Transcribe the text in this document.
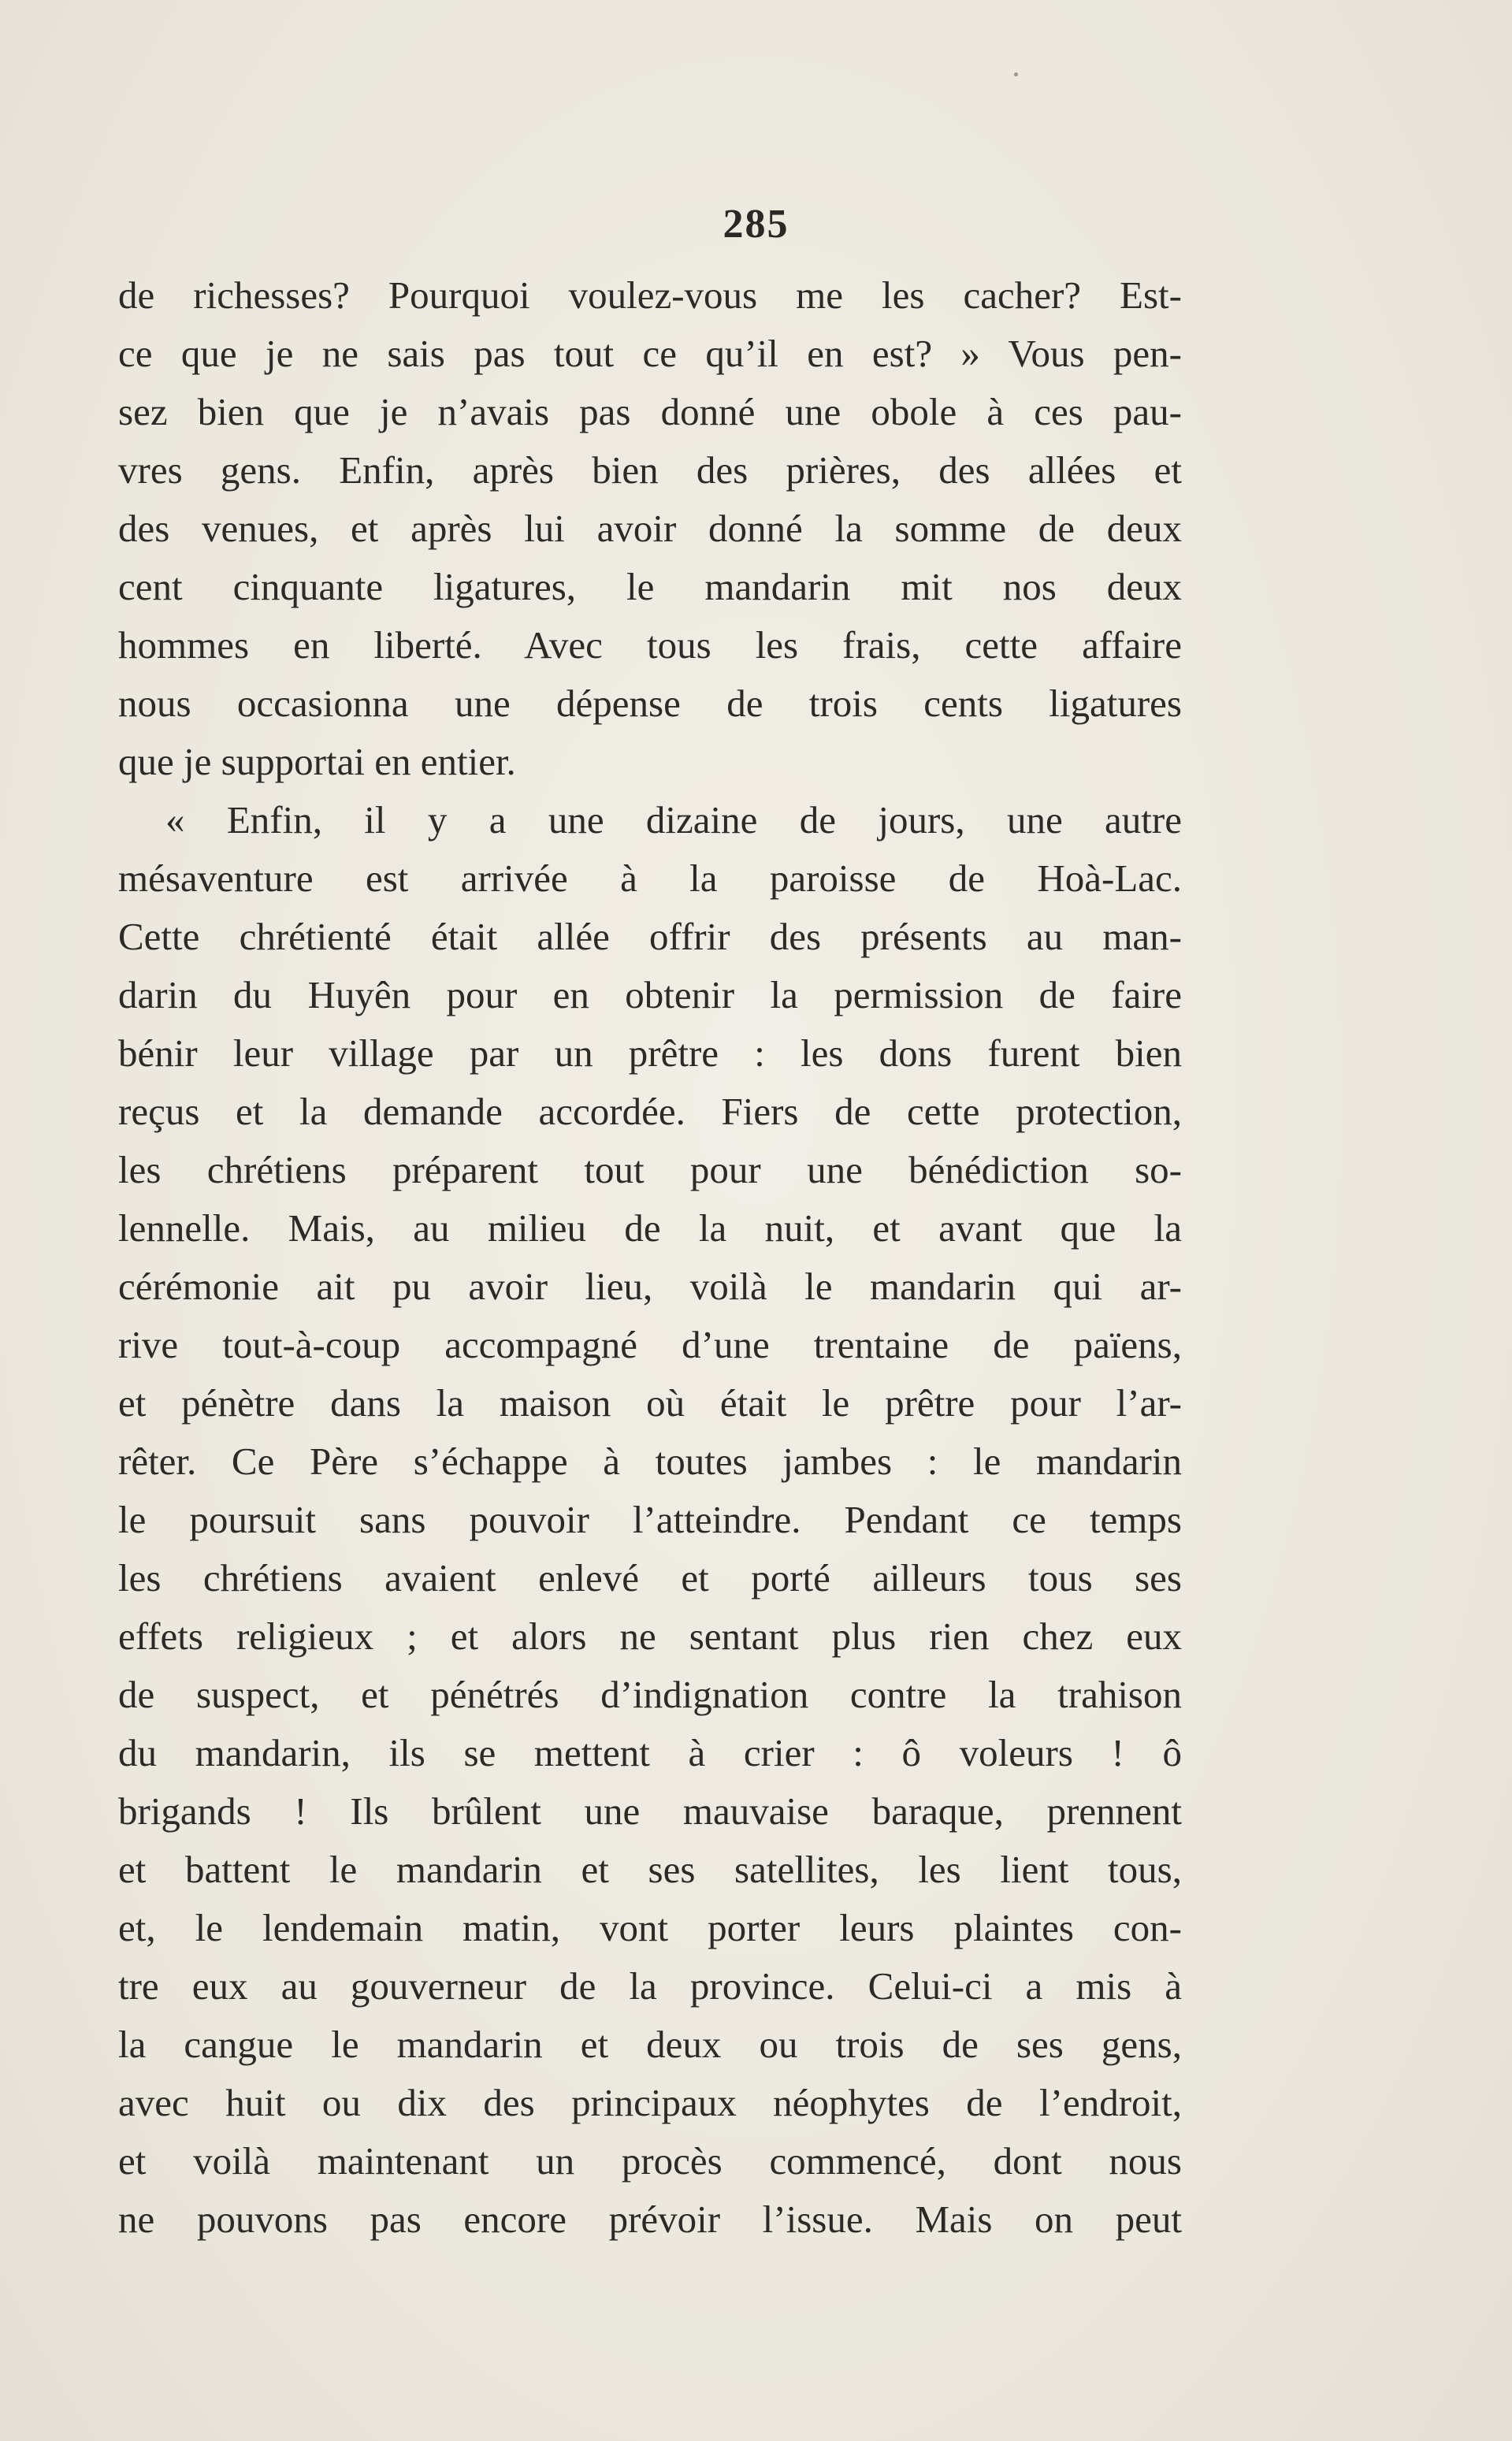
285
de richesses? Pourquoi voulez-vous me les cacher? Est-
ce que je ne sais pas tout ce qu’il en est? » Vous pen-
sez bien que je n’avais pas donné une obole à ces pau-
vres gens. Enfin, après bien des prières, des allées et
des venues, et après lui avoir donné la somme de deux
cent cinquante ligatures, le mandarin mit nos deux
hommes en liberté. Avec tous les frais, cette affaire
nous occasionna une dépense de trois cents ligatures
que je supportai en entier.
« Enfin, il y a une dizaine de jours, une autre
mésaventure est arrivée à la paroisse de Hoà-Lac.
Cette chrétienté était allée offrir des présents au man-
darin du Huyên pour en obtenir la permission de faire
bénir leur village par un prêtre : les dons furent bien
reçus et la demande accordée. Fiers de cette protection,
les chrétiens préparent tout pour une bénédiction so-
lennelle. Mais, au milieu de la nuit, et avant que la
cérémonie ait pu avoir lieu, voilà le mandarin qui ar-
rive tout-à-coup accompagné d’une trentaine de païens,
et pénètre dans la maison où était le prêtre pour l’ar-
rêter. Ce Père s’échappe à toutes jambes : le mandarin
le poursuit sans pouvoir l’atteindre. Pendant ce temps
les chrétiens avaient enlevé et porté ailleurs tous ses
effets religieux ; et alors ne sentant plus rien chez eux
de suspect, et pénétrés d’indignation contre la trahison
du mandarin, ils se mettent à crier : ô voleurs ! ô
brigands ! Ils brûlent une mauvaise baraque, prennent
et battent le mandarin et ses satellites, les lient tous,
et, le lendemain matin, vont porter leurs plaintes con-
tre eux au gouverneur de la province. Celui-ci a mis à
la cangue le mandarin et deux ou trois de ses gens,
avec huit ou dix des principaux néophytes de l’endroit,
et voilà maintenant un procès commencé, dont nous
ne pouvons pas encore prévoir l’issue. Mais on peut
